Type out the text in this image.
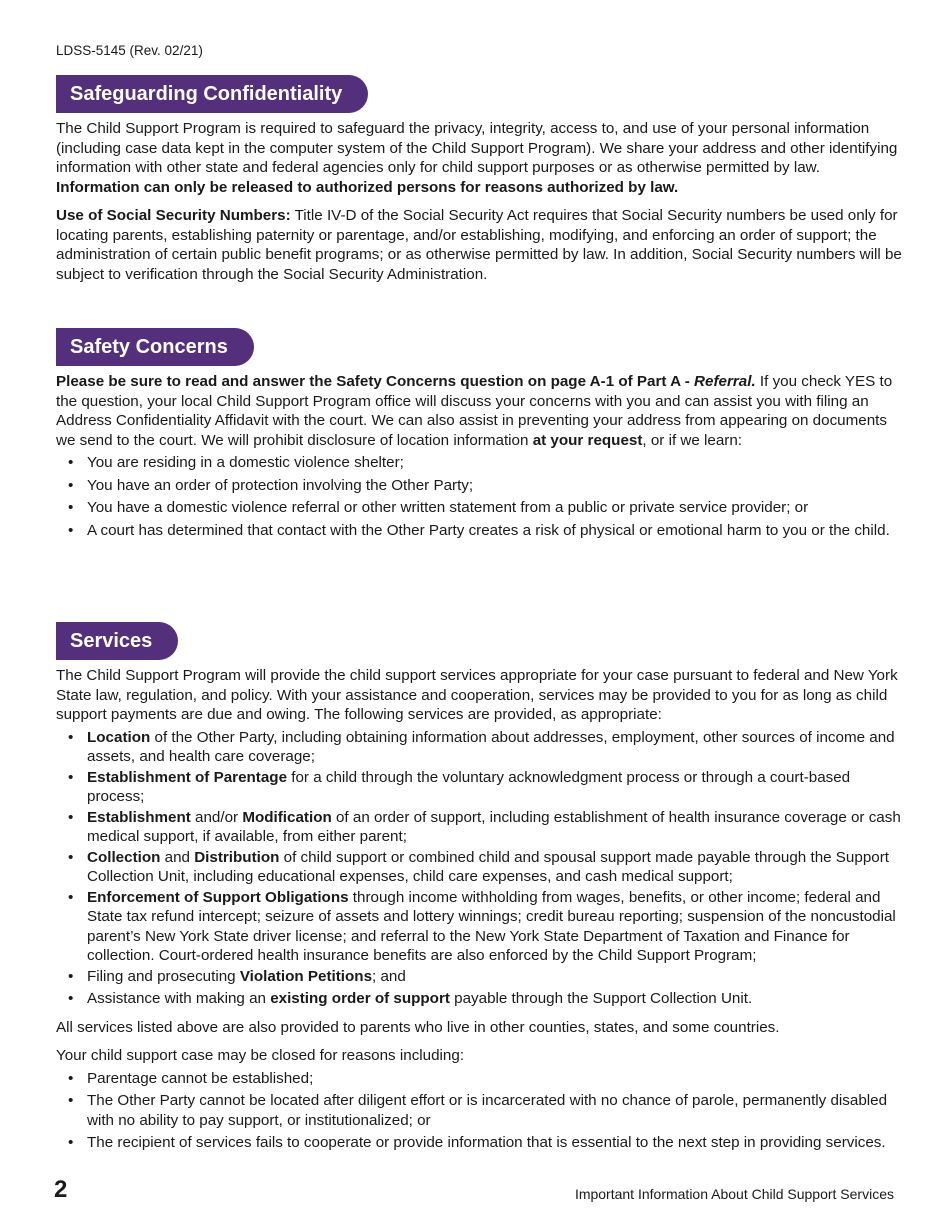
LDSS-5145 (Rev. 02/21)
Safeguarding Confidentiality

The Child Support Program is required to safeguard the privacy, integrity, access to, and use of your personal information (including case data kept in the computer system of the Child Support Program). We share your address and other identifying information with other state and federal agencies only for child support purposes or as otherwise permitted by law.  Information can only be released to authorized persons for reasons authorized by law.

Use of Social Security Numbers: Title IV-D of the Social Security Act requires that Social Security numbers be used only for locating parents, establishing paternity or parentage, and/or establishing, modifying, and enforcing an order of support; the administration of certain public benefit programs; or as otherwise permitted by law. In addition, Social Security numbers will be subject to verification through the Social Security Administration.

Safety Concerns

Please be sure to read and answer the Safety Concerns question on page A-1 of Part A - Referral. If you check YES to the question, your local Child Support Program office will discuss your concerns with you and can assist you with filing an Address Confidentiality Affidavit with the court. We can also assist in preventing your address from appearing on documents we send to the court. We will prohibit disclosure of location information at your request, or if we learn:

• You are residing in a domestic violence shelter;
• You have an order of protection involving the Other Party;
• You have a domestic violence referral or other written statement from a public or private service provider; or
• A court has determined that contact with the Other Party creates a risk of physical or emotional harm to you or the child.
Services

The Child Support Program will provide the child support services appropriate for your case pursuant to federal and New York State law, regulation, and policy. With your assistance and cooperation, services may be provided to you for as long as child support payments are due and owing. The following services are provided, as appropriate:

• Location of the Other Party, including obtaining information about addresses, employment, other sources of income and assets, and health care coverage;
• Establishment of Parentage for a child through the voluntary acknowledgment process or through a court-based process;
• Establishment and/or Modification of an order of support, including establishment of health insurance coverage or cash medical support, if available, from either parent;
• Collection and Distribution of child support or combined child and spousal support made payable through the Support Collection Unit, including educational expenses, child care expenses, and cash medical support;
• Enforcement of Support Obligations through income withholding from wages, benefits, or other income; federal and State tax refund intercept; seizure of assets and lottery winnings; credit bureau reporting; suspension of the noncustodial parent’s New York State driver license; and referral to the New York State Department of Taxation and Finance for collection. Court-ordered health insurance benefits are also enforced by the Child Support Program;
• Filing and prosecuting Violation Petitions; and
• Assistance with making an existing order of support payable through the Support Collection Unit.

All services listed above are also provided to parents who live in other counties, states, and some countries.

Your child support case may be closed for reasons including:

• Parentage cannot be established;
• The Other Party cannot be located after diligent effort or is incarcerated with no chance of parole, permanently disabled with no ability to pay support, or institutionalized; or
• The recipient of services fails to cooperate or provide information that is essential to the next step in providing services.
2	Important Information About Child Support Services
